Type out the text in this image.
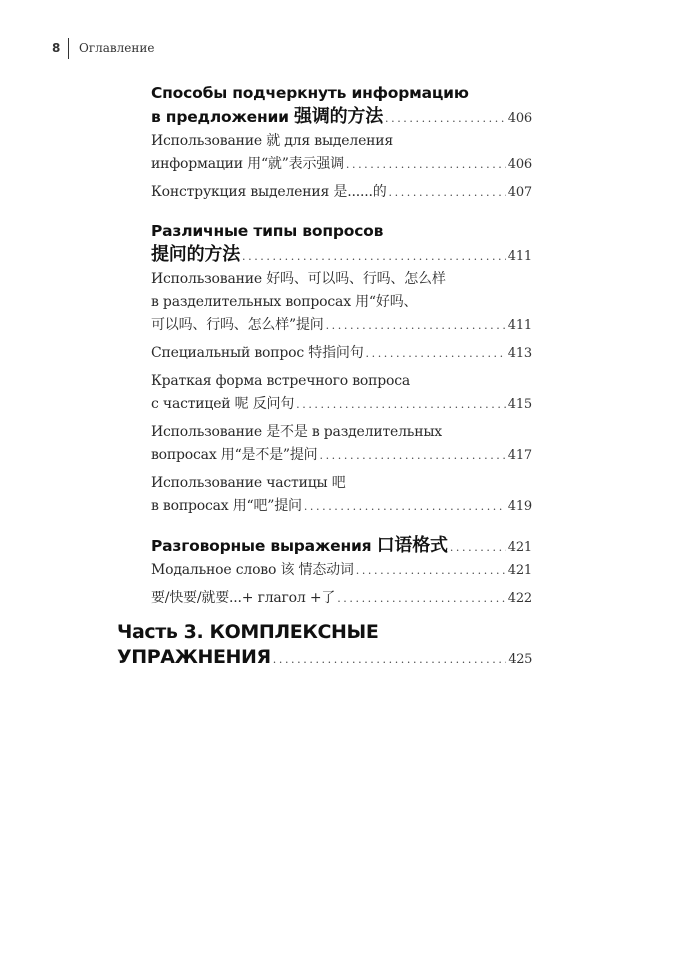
8	Оглавление
Способы подчеркнуть информацию
в предложении 强调的方法 .....	406
Использование 就 для выделения
информации 用“就”表示强调 .....	406
Конструкция выделения 是......的 .....	407
Различные типы вопросов
提问的方法 .....	411
Использование 好吗、可以吗、行吗、怎么样
в разделительных вопросах 用“好吗、
可以吗、行吗、怎么样”提问 .....	411
Специальный вопрос 特指问句 .....	413
Краткая форма встречного вопроса
с частицей 呢 反问句 .....	415
Использование 是不是 в разделительных
вопросах 用“是不是”提问 .....	417
Использование частицы 吧
в вопросах 用“吧”提问 .....	419
Разговорные выражения 口语格式 .....	421
Модальное слово 该 情态动词 .....	421
要/快要/就要...+ глагол +了 .....	422
Часть 3. КОМПЛЕКСНЫЕ
УПРАЖНЕНИЯ .....	425
